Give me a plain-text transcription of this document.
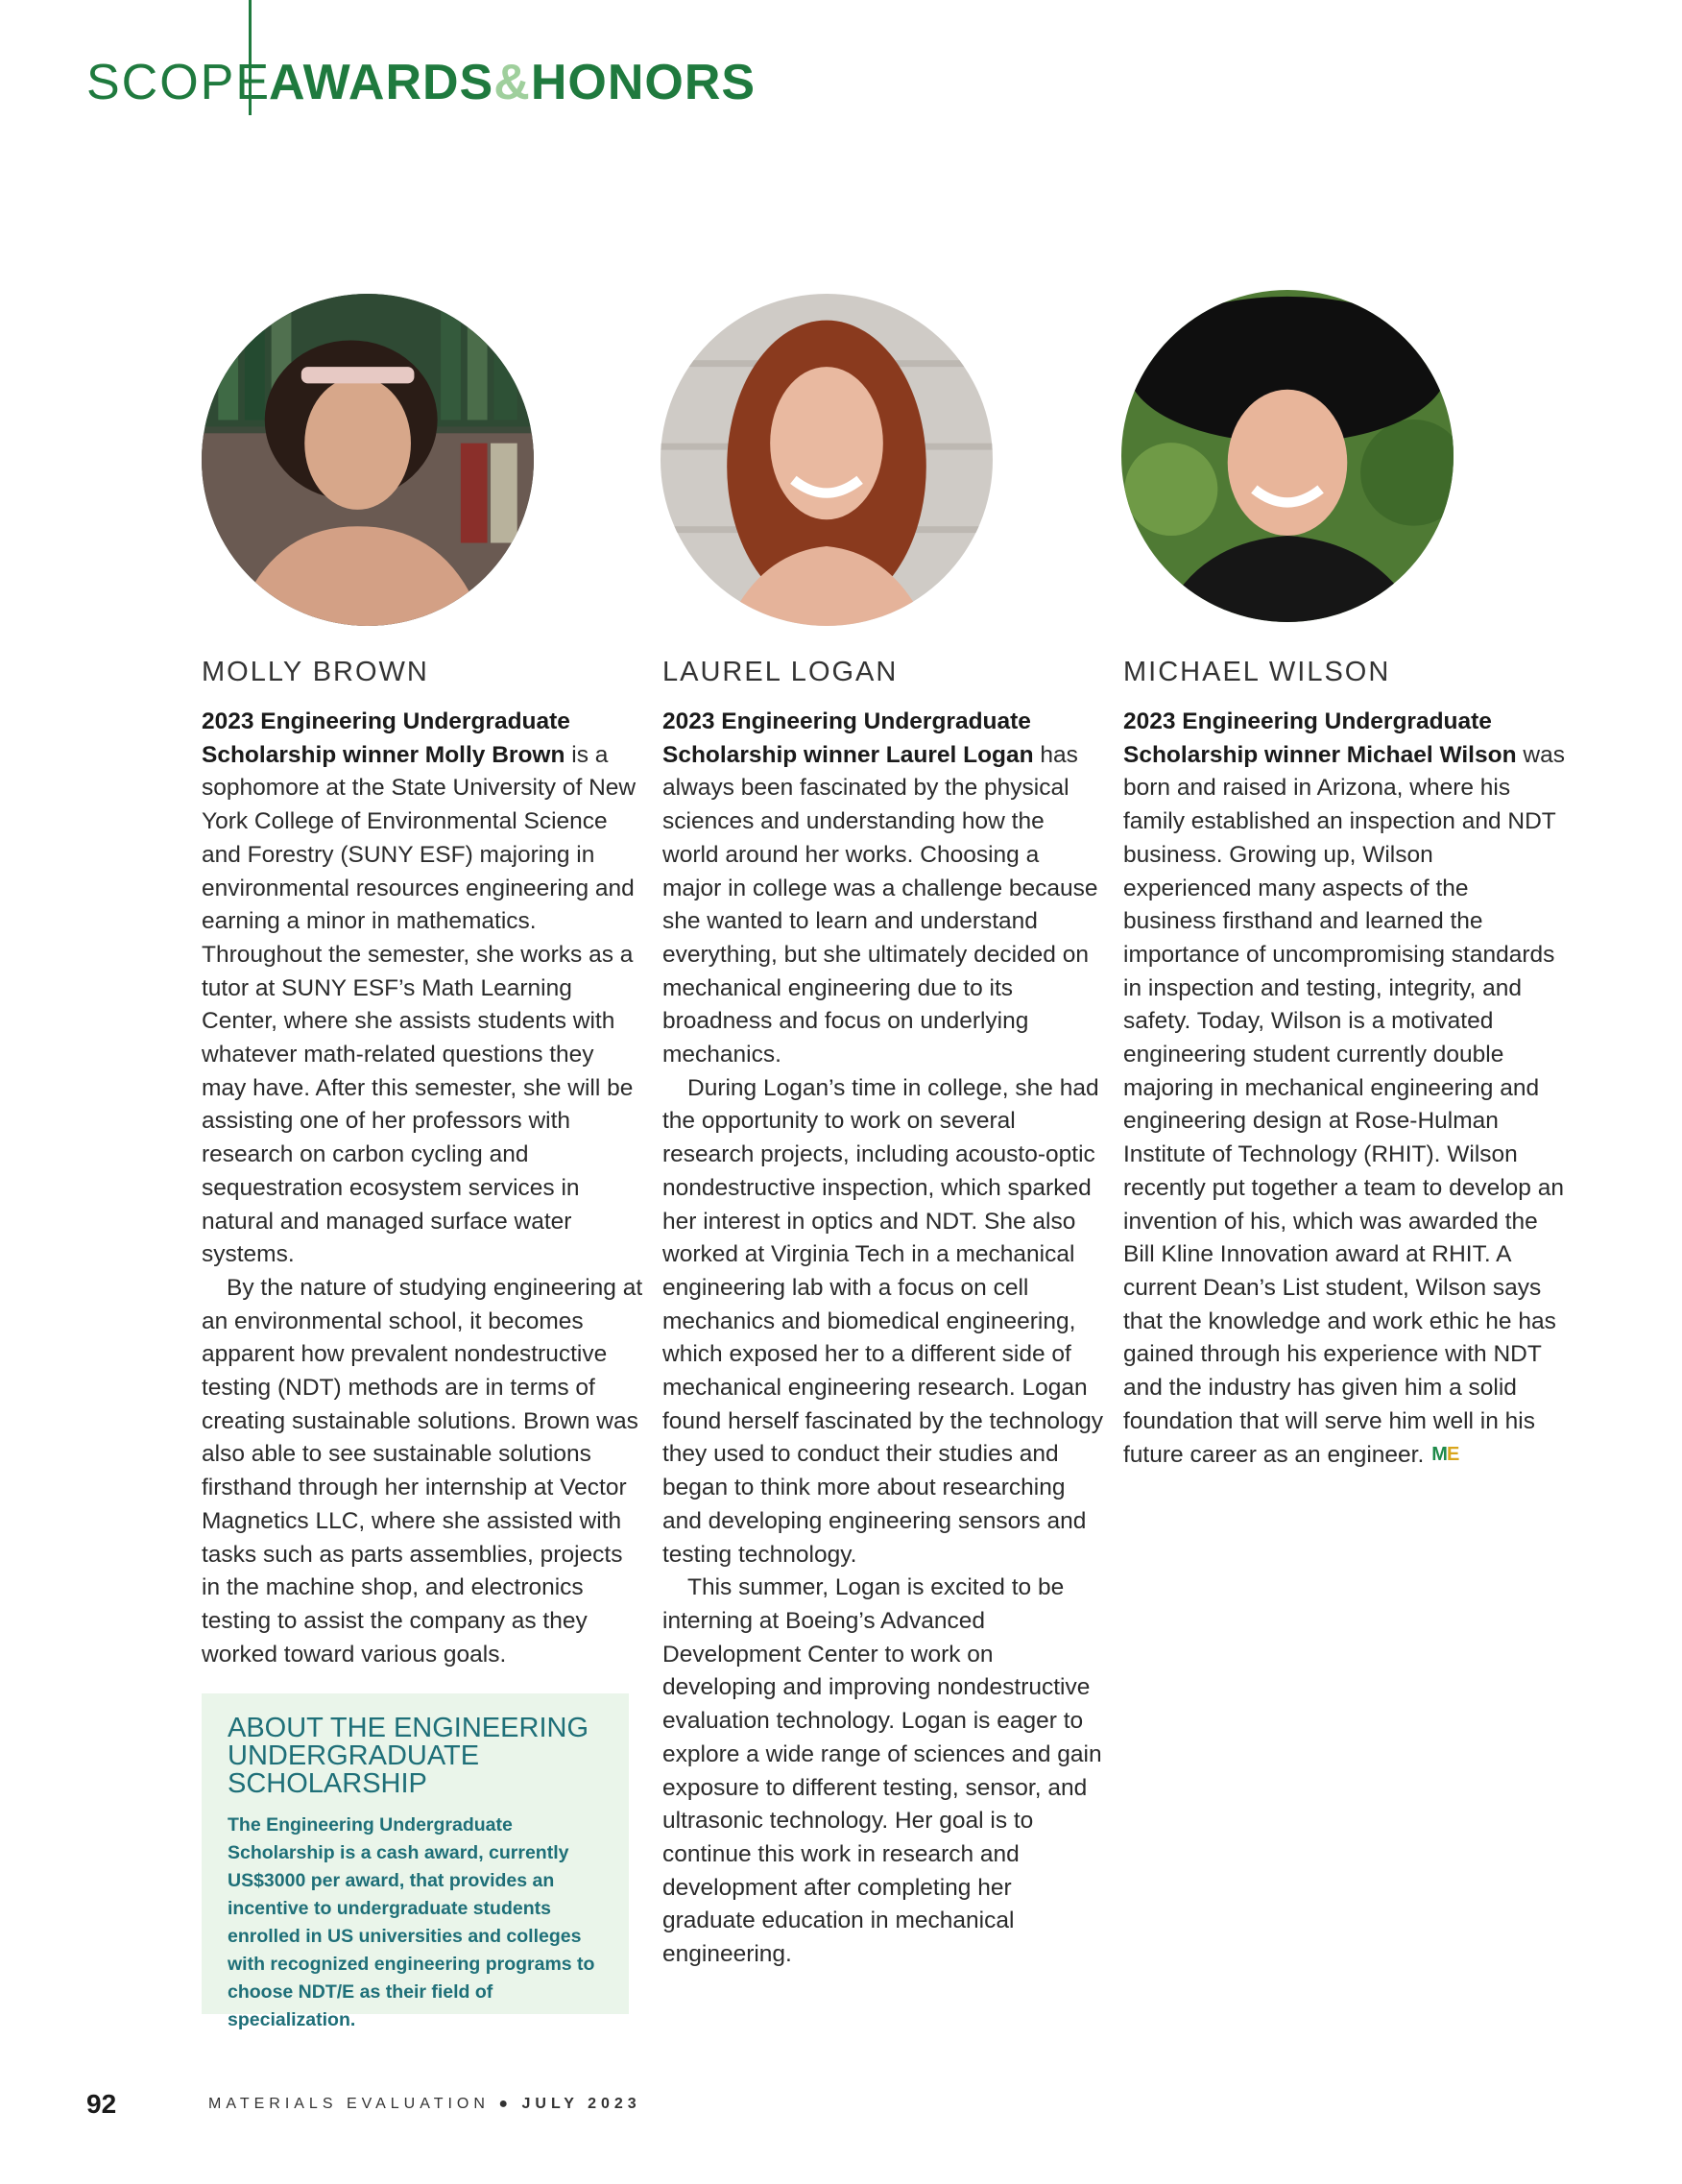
SCOPE
AWARDS&HONORS
MOLLY BROWN

2023 Engineering Undergraduate Scholarship winner Molly Brown is a sophomore at the State University of New York College of Environmental Science and Forestry (SUNY ESF) majoring in environmental resources engineering and earning a minor in mathematics. Throughout the semester, she works as a tutor at SUNY ESF’s Math Learning Center, where she assists students with whatever math-related questions they may have. After this semester, she will be assisting one of her professors with research on carbon cycling and sequestration ecosystem services in natural and managed surface water systems.

By the nature of studying engineering at an environmental school, it becomes apparent how prevalent nondestructive testing (NDT) methods are in terms of creating sustainable solutions. Brown was also able to see sustainable solutions firsthand through her internship at Vector Magnetics LLC, where she assisted with tasks such as parts assemblies, projects in the machine shop, and electronics testing to assist the company as they worked toward various goals.

LAUREL LOGAN

2023 Engineering Undergraduate Scholarship winner Laurel Logan has always been fascinated by the physical sciences and understanding how the world around her works. Choosing a major in college was a challenge because she wanted to learn and understand everything, but she ultimately decided on mechanical engineering due to its broadness and focus on underlying mechanics.

During Logan’s time in college, she had the opportunity to work on several research projects, including acousto-optic nondestructive inspection, which sparked her interest in optics and NDT. She also worked at Virginia Tech in a mechanical engineering lab with a focus on cell mechanics and biomedical engineering, which exposed her to a different side of mechanical engineering research. Logan found herself fascinated by the technology they used to conduct their studies and began to think more about researching and developing engineering sensors and testing technology.

This summer, Logan is excited to be interning at Boeing’s Advanced Development Center to work on developing and improving nondestructive evaluation technology. Logan is eager to explore a wide range of sciences and gain exposure to different testing, sensor, and ultrasonic technology. Her goal is to continue this work in research and development after completing her graduate education in mechanical engineering.

MICHAEL WILSON

2023 Engineering Undergraduate Scholarship winner Michael Wilson was born and raised in Arizona, where his family established an inspection and NDT business. Growing up, Wilson experienced many aspects of the business firsthand and learned the importance of uncompromising standards in inspection and testing, integrity, and safety. Today, Wilson is a motivated engineering student currently double majoring in mechanical engineering and engineering design at Rose-Hulman Institute of Technology (RHIT). Wilson recently put together a team to develop an invention of his, which was awarded the Bill Kline Innovation award at RHIT. A current Dean’s List student, Wilson says that the knowledge and work ethic he has gained through his experience with NDT and the industry has given him a solid foundation that will serve him well in his future career as an engineer. ME

ABOUT THE ENGINEERING UNDERGRADUATE SCHOLARSHIP

The Engineering Undergraduate Scholarship is a cash award, currently US$3000 per award, that provides an incentive to undergraduate students enrolled in US universities and colleges with recognized engineering programs to choose NDT/E as their field of specialization.

92	MATERIALS EVALUATION ● JULY 2023
